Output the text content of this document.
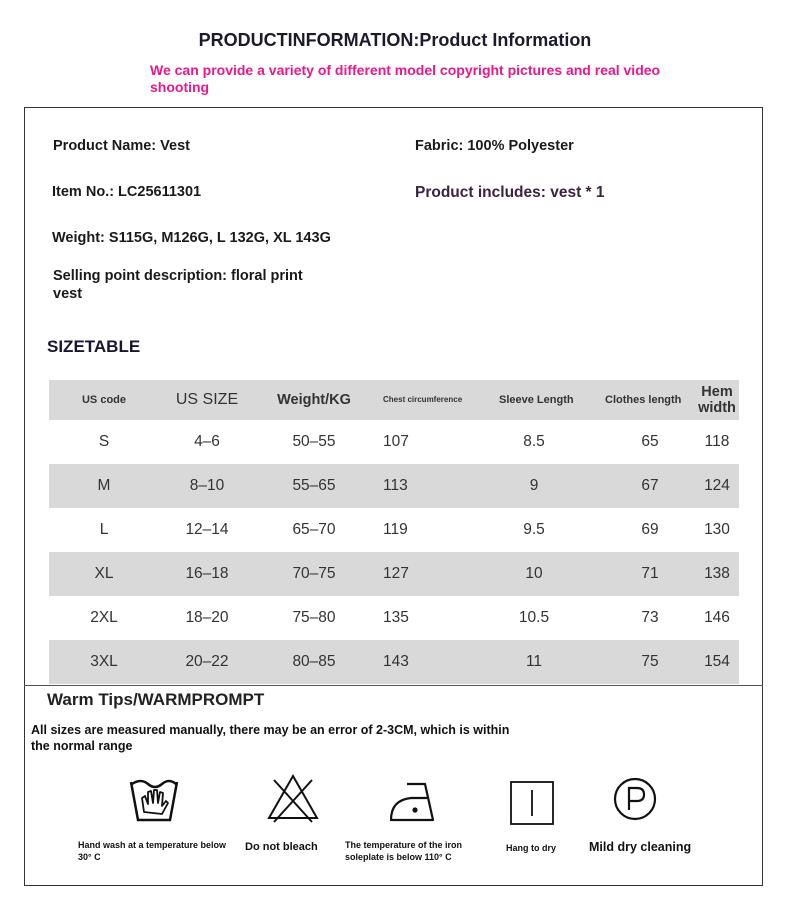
PRODUCTINFORMATION:Product Information
We can provide a variety of different model copyright pictures and real video shooting
Product Name: Vest	Fabric: 100% Polyester
Item No.: LC25611301	Product includes: vest * 1
Weight: S115G, M126G, L 132G, XL 143G
Selling point description: floral print vest
SIZETABLE
US code	US SIZE	Weight/KG	Chest circumference	Sleeve Length	Clothes length	Hem width
S	4–6	50–55	107	8.5	65	118
M	8–10	55–65	113	9	67	124
L	12–14	65–70	119	9.5	69	130
XL	16–18	70–75	127	10	71	138
2XL	18–20	75–80	135	10.5	73	146
3XL	20–22	80–85	143	11	75	154
Warm Tips/WARMPROMPT
All sizes are measured manually, there may be an error of 2-3CM, which is within the normal range
Hand wash at a temperature below 30° C
Do not bleach	The temperature of the iron soleplate is below 110° C
Hang to dry	Mild dry cleaning
